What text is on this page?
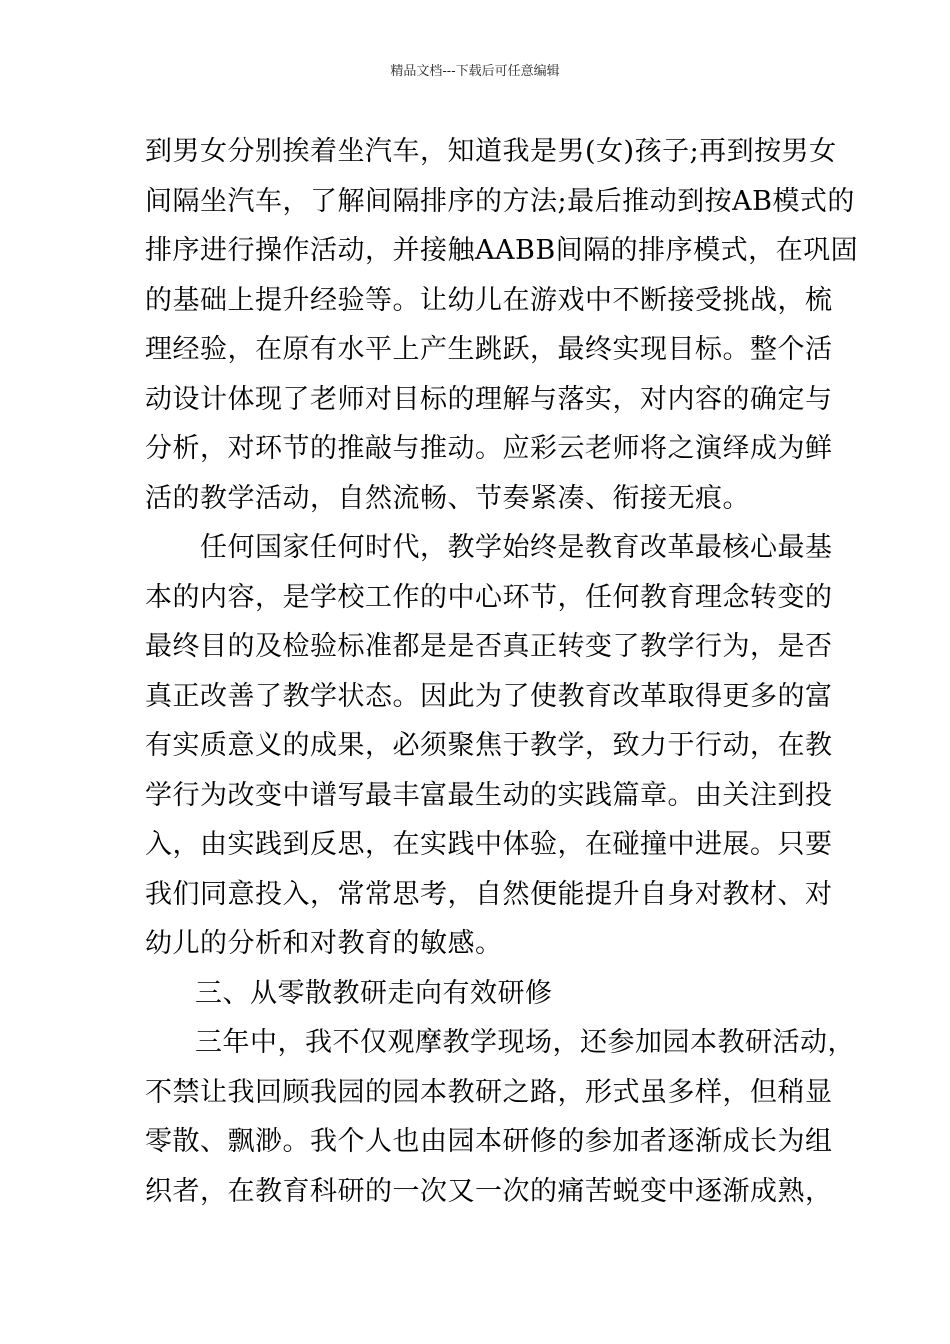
精品文档---下载后可任意编辑
到男女分别挨着坐汽车，知道我是男(女)孩子;再到按男女
间隔坐汽车，了解间隔排序的方法;最后推动到按AB模式的
排序进行操作活动，并接触AABB间隔的排序模式，在巩固
的基础上提升经验等。让幼儿在游戏中不断接受挑战，梳
理经验，在原有水平上产生跳跃，最终实现目标。整个活
动设计体现了老师对目标的理解与落实，对内容的确定与
分析，对环节的推敲与推动。应彩云老师将之演绎成为鲜
活的教学活动，自然流畅、节奏紧凑、衔接无痕。
任何国家任何时代，教学始终是教育改革最核心最基
本的内容，是学校工作的中心环节，任何教育理念转变的
最终目的及检验标准都是是否真正转变了教学行为，是否
真正改善了教学状态。因此为了使教育改革取得更多的富
有实质意义的成果，必须聚焦于教学，致力于行动，在教
学行为改变中谱写最丰富最生动的实践篇章。由关注到投
入，由实践到反思，在实践中体验，在碰撞中进展。只要
我们同意投入，常常思考，自然便能提升自身对教材、对
幼儿的分析和对教育的敏感。
三、从零散教研走向有效研修
三年中，我不仅观摩教学现场，还参加园本教研活动，
不禁让我回顾我园的园本教研之路，形式虽多样，但稍显
零散、飘渺。我个人也由园本研修的参加者逐渐成长为组
织者，在教育科研的一次又一次的痛苦蜕变中逐渐成熟，
